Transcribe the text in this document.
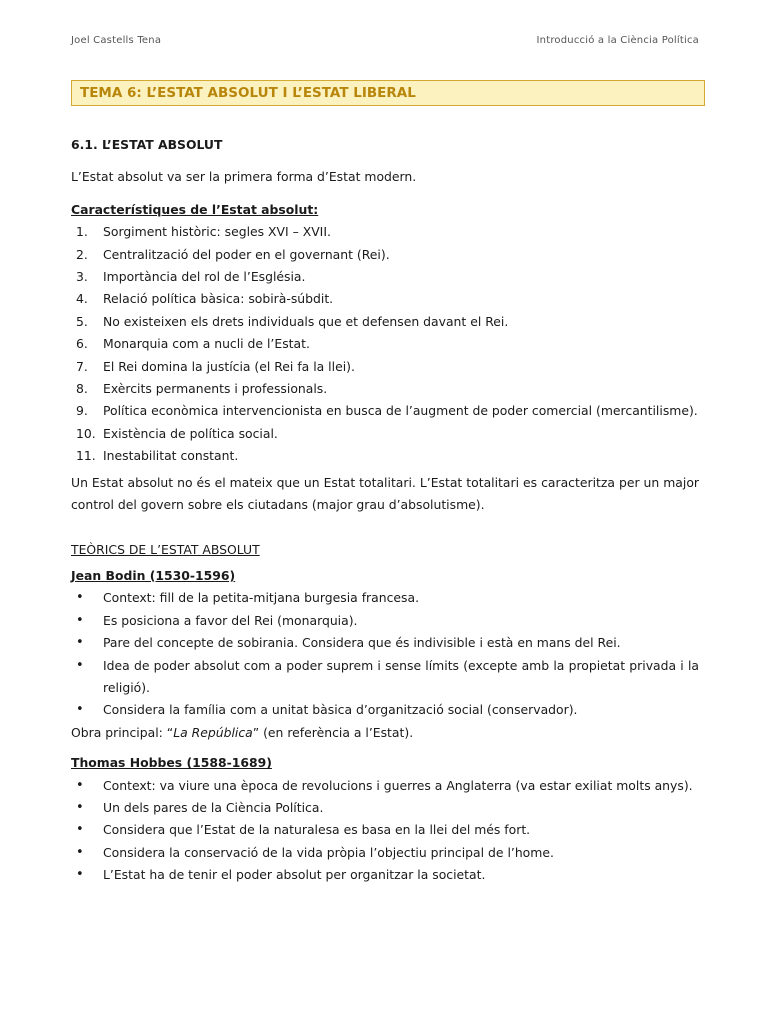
Joel Castells Tena	Introducció a la Ciència Política
TEMA 6: L’ESTAT ABSOLUT I L’ESTAT LIBERAL

6.1. L’ESTAT ABSOLUT

L’Estat absolut va ser la primera forma d’Estat modern.

Característiques de l’Estat absolut:

1. Sorgiment històric: segles XVI – XVII.
2. Centralització del poder en el governant (Rei).
3. Importància del rol de l’Església.
4. Relació política bàsica: sobirà-súbdit.
5. No existeixen els drets individuals que et defensen davant el Rei.
6. Monarquia com a nucli de l’Estat.
7. El Rei domina la justícia (el Rei fa la llei).
8. Exèrcits permanents i professionals.
9. Política econòmica intervencionista en busca de l’augment de poder comercial (mercantilisme).
10. Existència de política social.
11. Inestabilitat constant.

Un Estat absolut no és el mateix que un Estat totalitari. L’Estat totalitari es caracteritza per un major control del govern sobre els ciutadans (major grau d’absolutisme).

TEÒRICS DE L’ESTAT ABSOLUT

Jean Bodin (1530-1596)

• Context: fill de la petita-mitjana burgesia francesa.
• Es posiciona a favor del Rei (monarquia).
• Pare del concepte de sobirania. Considera que és indivisible i està en mans del Rei.
• Idea de poder absolut com a poder suprem i sense límits (excepte amb la propietat privada i la religió).
• Considera la família com a unitat bàsica d’organització social (conservador).

Obra principal: “La República” (en referència a l’Estat).

Thomas Hobbes (1588-1689)

• Context: va viure una època de revolucions i guerres a Anglaterra (va estar exiliat molts anys).
• Un dels pares de la Ciència Política.
• Considera que l’Estat de la naturalesa es basa en la llei del més fort.
• Considera la conservació de la vida pròpia l’objectiu principal de l’home.
• L’Estat ha de tenir el poder absolut per organitzar la societat.
